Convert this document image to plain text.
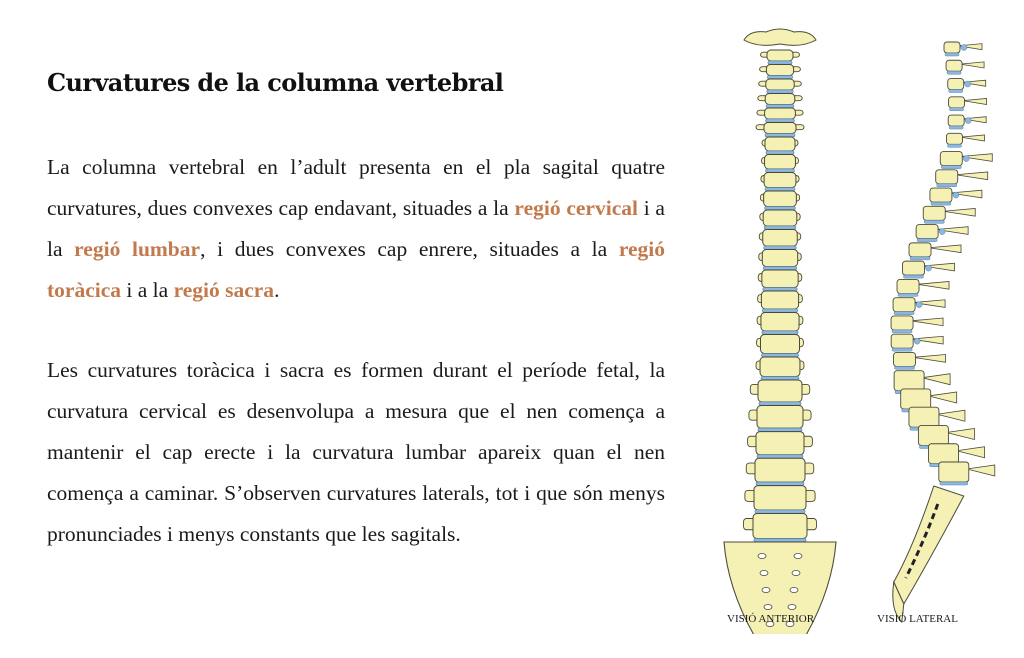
Curvatures de la columna vertebral

La columna vertebral en l’adult presenta en el pla sagital quatre curvatures, dues convexes cap endavant, situades a la regió cervical i a la regió lumbar, i dues convexes cap enrere, situades a la regió toràcica i a la regió sacra.

Les curvatures toràcica i sacra es formen durant el període fetal, la curvatura cervical es desenvolupa a mesura que el nen comença a mantenir el cap erecte i la curvatura lumbar apareix quan el nen comença a caminar. S’observen curvatures laterals, tot i que són menys pronunciades i menys constants que les sagitals.

VISIÓ ANTERIOR	VISIÓ LATERAL
